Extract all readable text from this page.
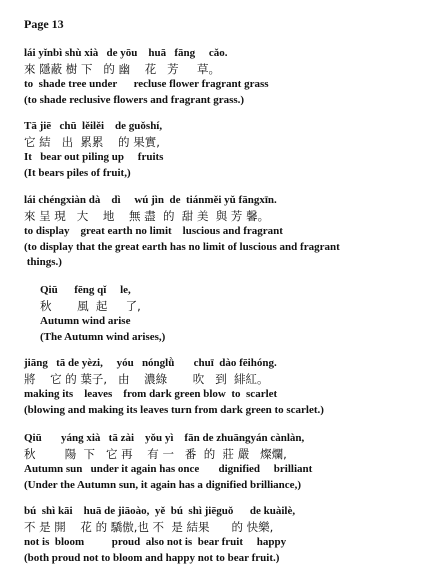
Page 13
lái yǐnbì shù xià   de yōu    huā   fāng     cǎo.
來 隱蔽 樹 下   的 幽    花   芳     草。
to  shade tree under      recluse flower fragrant grass
(to shade reclusive flowers and fragrant grass.)
Tā jiē   chū  lěilěi    de guǒshí,
它 結   出  累累    的 果實,
It   bear out piling up     fruits
(It bears piles of fruit,)
lái chéngxiàn dà    dì     wú jìn  de  tiánměi yǔ fāngxīn.
來 呈 現   大    地    無 盡  的  甜 美  與 芳 馨。
to display    great earth no limit    luscious and fragrant
(to display that the great earth has no limit of luscious and fragrant
things.)
Qiū      fēng qǐ     le,
秋       風  起     了,
Autumn wind arise
(The Autumn wind arises,)
jiāng   tā de yèzi,     yóu   nónglǜ       chuī  dào fēihóng.
將    它 的 葉子,   由    濃綠       吹   到  緋紅。
making its    leaves    from dark green blow  to  scarlet
(blowing and making its leaves turn from dark green to scarlet.)
Qiū       yáng xià   tā zài    yǒu yì    fān de zhuāngyán cànlàn,
秋        陽  下   它 再    有 一   番  的  莊 嚴   燦爛,
Autumn sun   under it again has once       dignified     brilliant
(Under the Autumn sun, it again has a dignified brilliance,)
bú  shì kāi    huā de jiāoào,  yě  bú  shì jiēguǒ      de kuàilè,
不 是 開    花 的 驕傲,也 不  是 結果      的 快樂,
not is  bloom          proud  also not is  bear fruit     happy
(both proud not to bloom and happy not to bear fruit.)
